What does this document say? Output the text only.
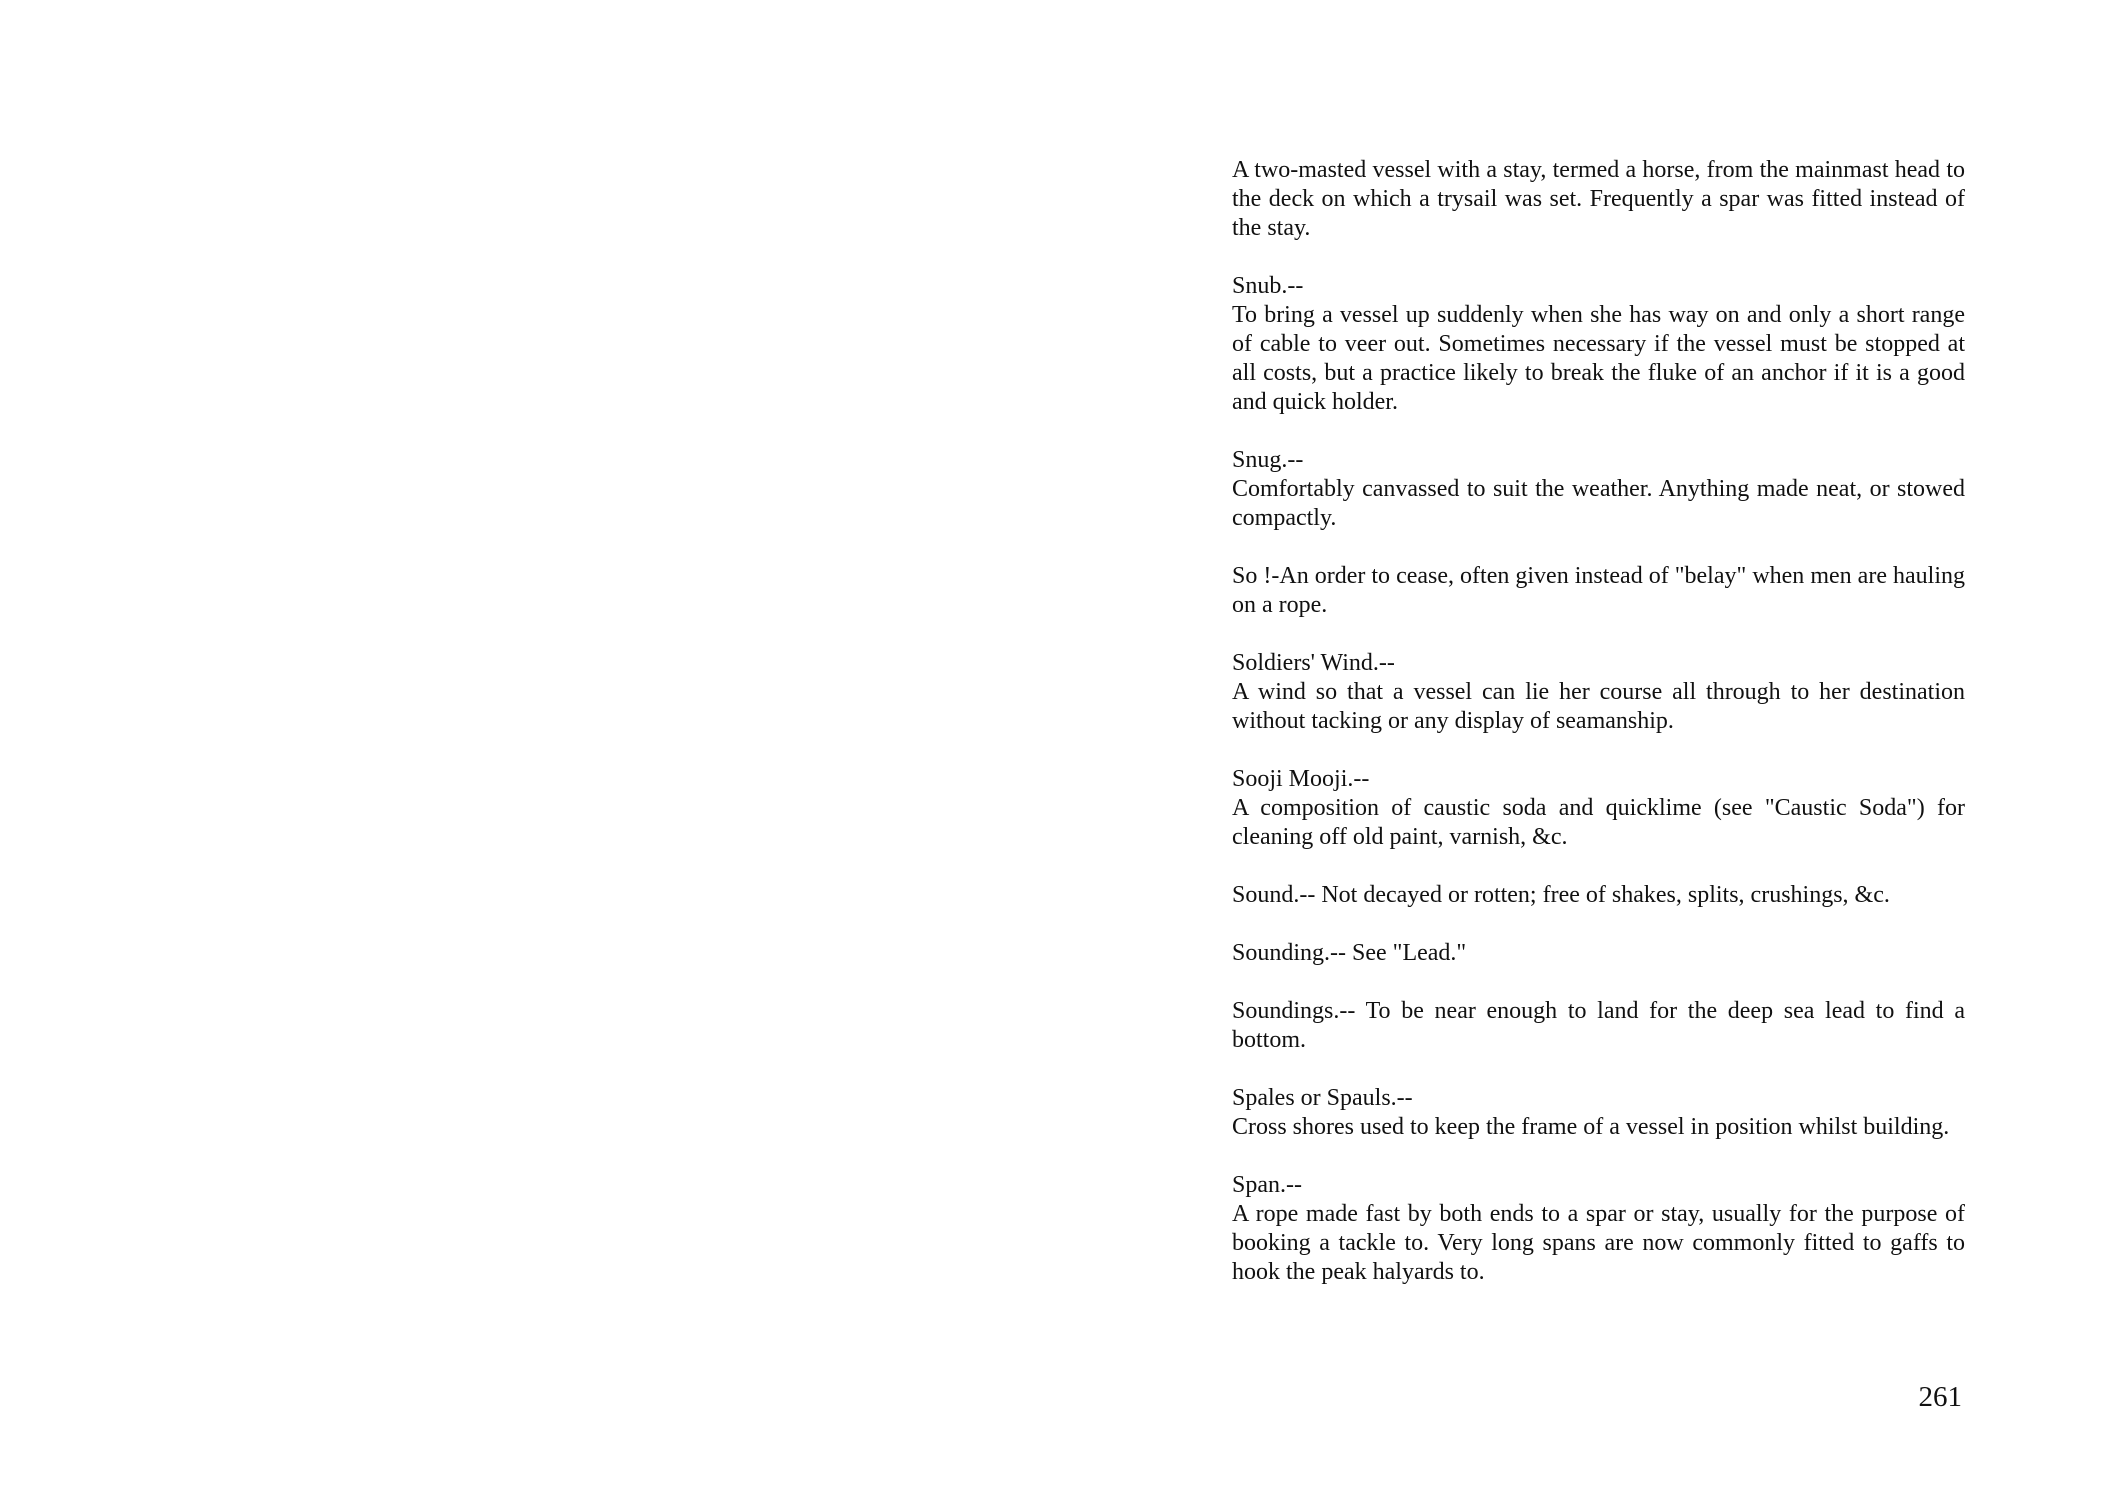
A two-masted vessel with a stay, termed a horse, from the mainmast head to the deck on which a trysail was set. Frequently a spar was fitted instead of the stay.

Snub.--
To bring a vessel up suddenly when she has way on and only a short range of cable to veer out. Sometimes necessary if the vessel must be stopped at all costs, but a practice likely to break the fluke of an anchor if it is a good and quick holder.

Snug.--
Comfortably canvassed to suit the weather. Anything made neat, or stowed compactly.

So !-An order to cease, often given instead of "belay" when men are hauling on a rope.

Soldiers' Wind.--
A wind so that a vessel can lie her course all through to her destination without tacking or any display of seamanship.

Sooji Mooji.--
A composition of caustic soda and quicklime (see "Caustic Soda") for cleaning off old paint, varnish, &c.

Sound.-- Not decayed or rotten; free of shakes, splits, crushings, &c.

Sounding.-- See "Lead."

Soundings.-- To be near enough to land for the deep sea lead to find a bottom.

Spales or Spauls.--
Cross shores used to keep the frame of a vessel in position whilst building.

Span.--
A rope made fast by both ends to a spar or stay, usually for the purpose of booking a tackle to. Very long spans are now commonly fitted to gaffs to hook the peak halyards to.

261
